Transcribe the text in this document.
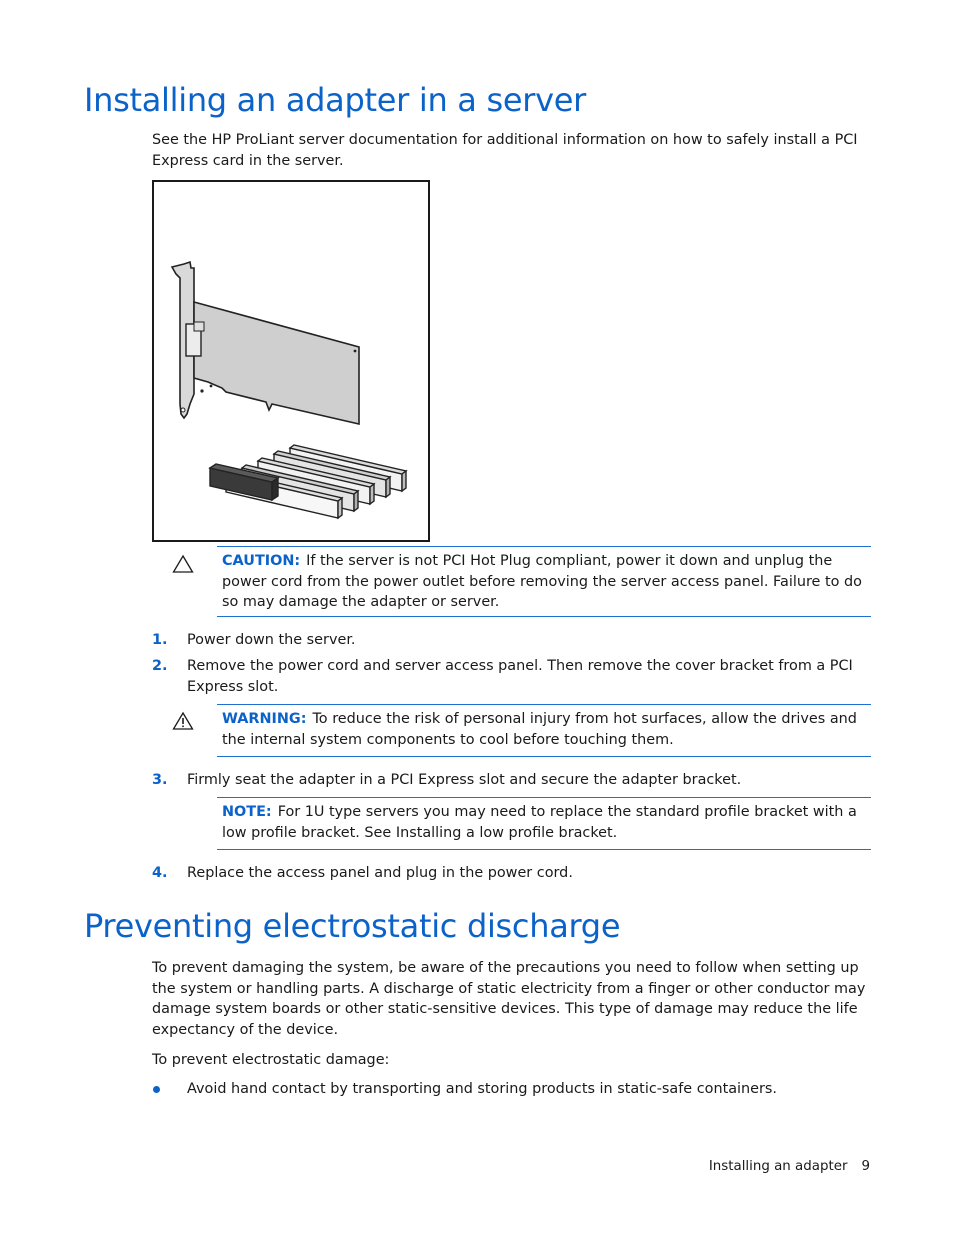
Installing an adapter in a server

See the HP ProLiant server documentation for additional information on how to safely install a PCI Express card in the server.

CAUTION: If the server is not PCI Hot Plug compliant, power it down and unplug the power cord from the power outlet before removing the server access panel. Failure to do so may damage the adapter or server.
1. Power down the server.
2. Remove the power cord and server access panel. Then remove the cover bracket from a PCI Express slot.
WARNING: To reduce the risk of personal injury from hot surfaces, allow the drives and the internal system components to cool before touching them.
3. Firmly seat the adapter in a PCI Express slot and secure the adapter bracket.
NOTE: For 1U type servers you may need to replace the standard profile bracket with a low profile bracket. See Installing a low profile bracket.
4. Replace the access panel and plug in the power cord.
Preventing electrostatic discharge

To prevent damaging the system, be aware of the precautions you need to follow when setting up the system or handling parts. A discharge of static electricity from a finger or other conductor may damage system boards or other static-sensitive devices. This type of damage may reduce the life expectancy of the device.

To prevent electrostatic damage:

Avoid hand contact by transporting and storing products in static-safe containers.
Installing an adapter 9
